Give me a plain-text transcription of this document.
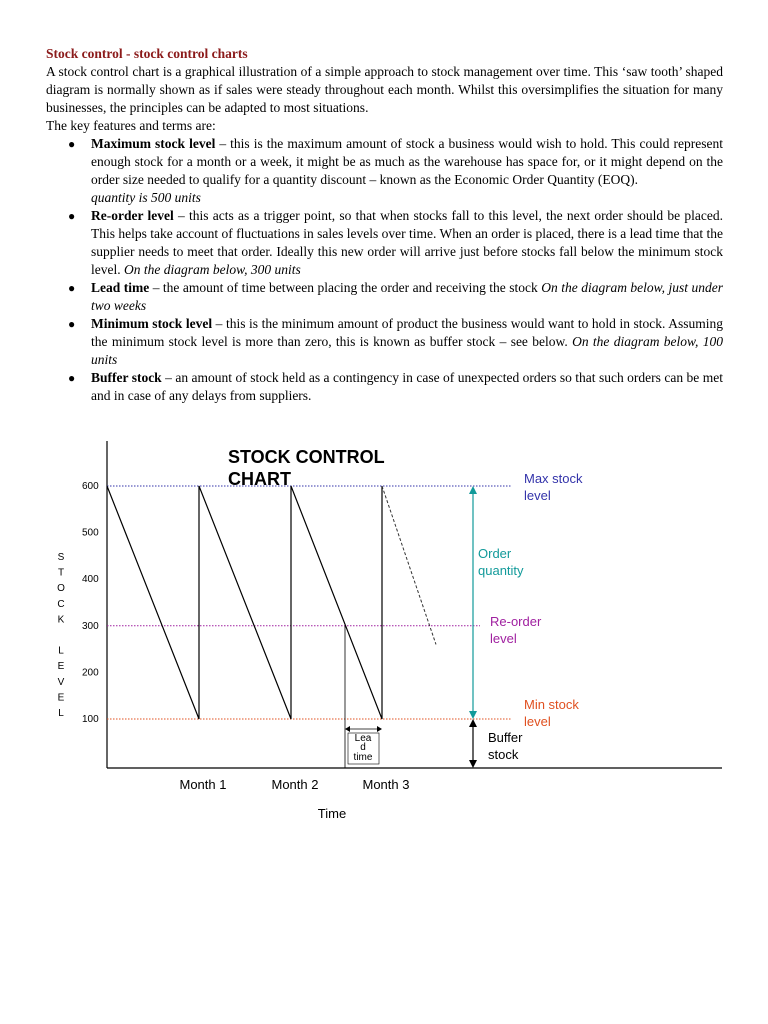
Stock control - stock control charts

A stock control chart is a graphical illustration of a simple approach to stock management over time. This ‘saw tooth’ shaped diagram is normally shown as if sales were steady throughout each month. Whilst this oversimplifies the situation for many businesses, the principles can be adapted to most situations.

The key features and terms are:

● Maximum stock level – this is the maximum amount of stock a business would wish to hold. This could represent enough stock for a month or a week, it might be as much as the warehouse has space for, or it might depend on the order size needed to qualify for a quantity discount – known as the Economic Order Quantity (EOQ).
quantity is 500 units
● Re-order level – this acts as a trigger point, so that when stocks fall to this level, the next order should be placed. This helps take account of fluctuations in sales levels over time. When an order is placed, there is a lead time that the supplier needs to meet that order. Ideally this new order will arrive just before stocks fall below the minimum stock level. On the diagram below, 300 units
● Lead time – the amount of time between placing the order and receiving the stock On the diagram below, just under two weeks
● Minimum stock level – this is the minimum amount of product the business would want to hold in stock. Assuming the minimum stock level is more than zero, this is known as buffer stock – see below. On the diagram below, 100 units
● Buffer stock – an amount of stock held as a contingency in case of unexpected orders so that such orders can be met and in case of any delays from suppliers.
STOCK CONTROL
CHART
600
500
400
300
200
100
S
T
O
C
K
L
E
V
E
L
Lea
d
time
Month 1	Month 2	Month 3
Time
Max stock
level
Order
quantity
Re-order
level
Min stock
level
Buffer
stock
